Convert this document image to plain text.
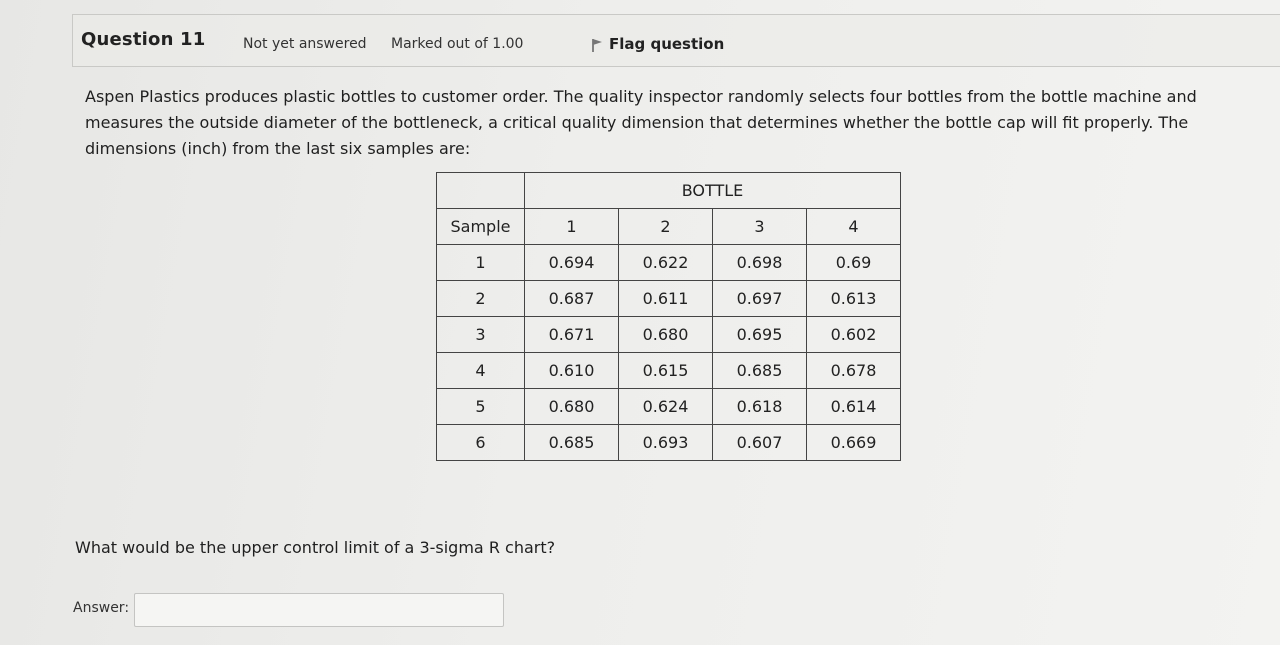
Question 11	Not yet answered Marked out of 1.00	Flag question
Aspen Plastics produces plastic bottles to customer order. The quality inspector randomly selects four bottles from the bottle machine and measures the outside diameter of the bottleneck, a critical quality dimension that determines whether the bottle cap will fit properly. The dimensions (inch) from the last six samples are:
	BOTTLE			
Sample	1	2	3	4
1	0.694	0.622	0.698	0.69
2	0.687	0.611	0.697	0.613
3	0.671	0.680	0.695	0.602
4	0.610	0.615	0.685	0.678
5	0.680	0.624	0.618	0.614
6	0.685	0.693	0.607	0.669
What would be the upper control limit of a 3-sigma R chart?
Answer:
